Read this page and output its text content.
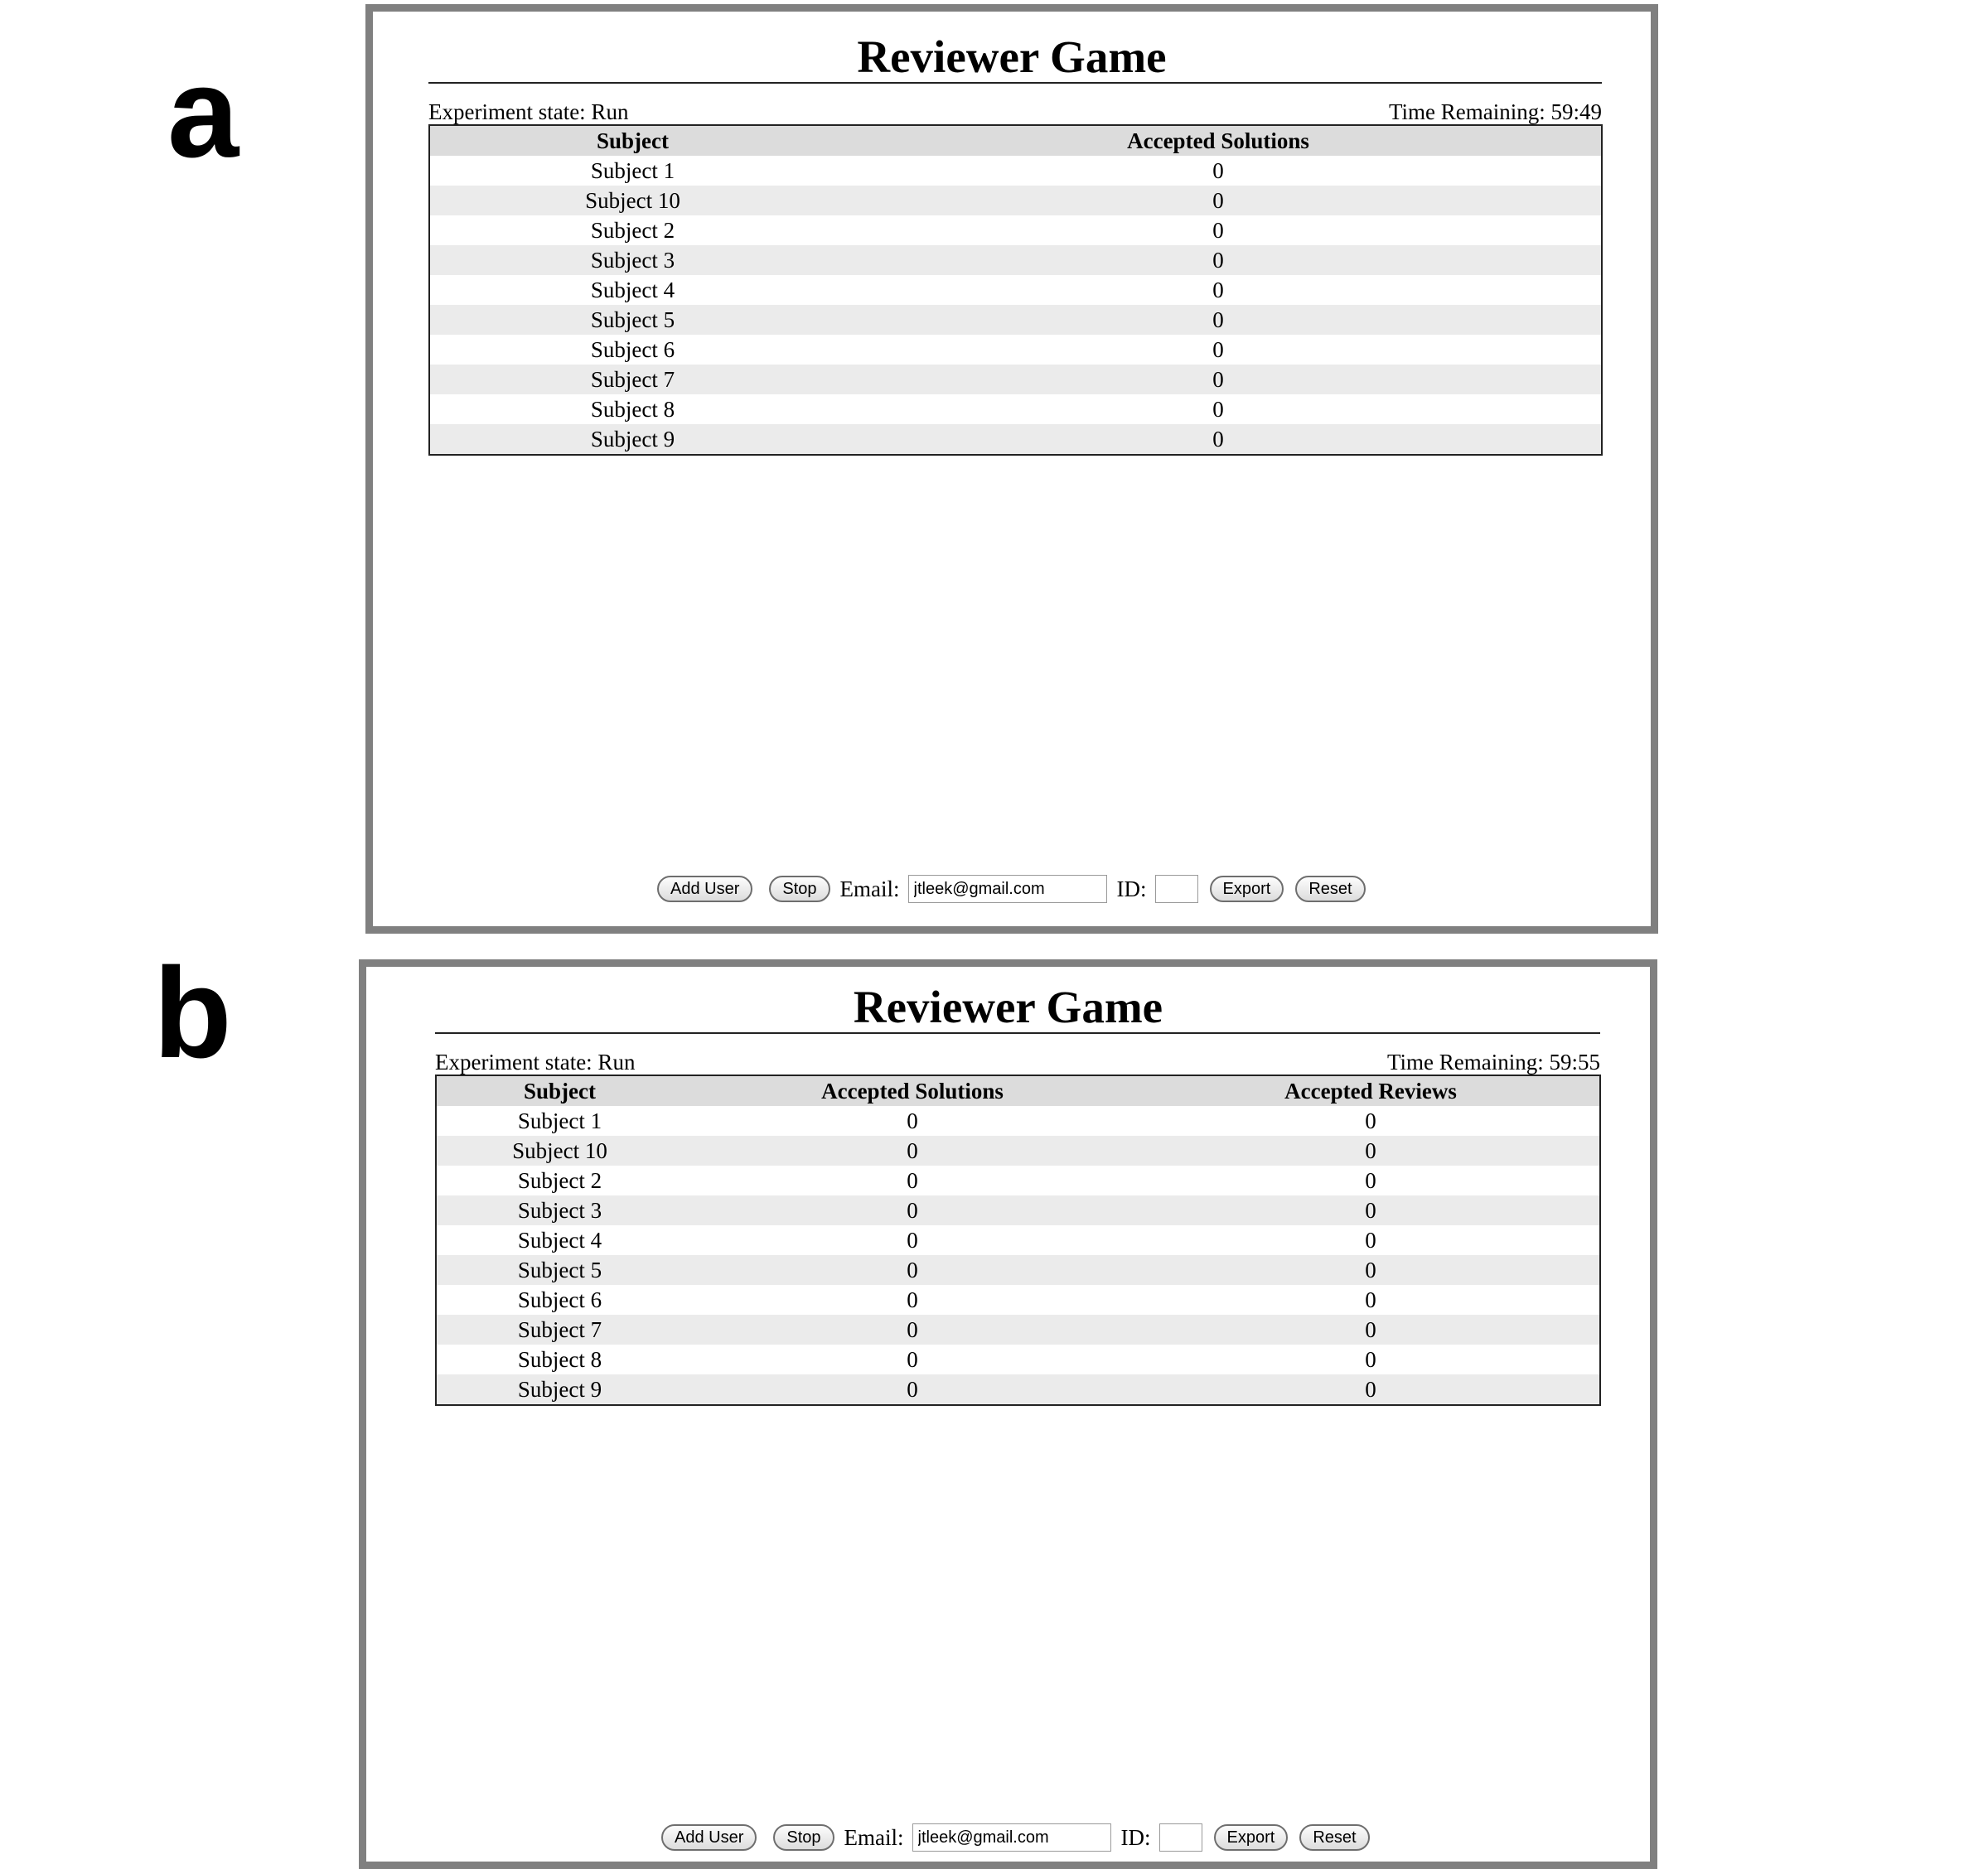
a	Reviewer Game
Experiment state: Run	Time Remaining: 59:49
Subject	Accepted Solutions
Subject 1	0
Subject 10	0
Subject 2	0
Subject 3	0
Subject 4	0
Subject 5	0
Subject 6	0
Subject 7	0
Subject 8	0
Subject 9	0
Add User	Stop	Email:
jtleek@gmail.com	ID:	Export	Reset
b	Reviewer Game
Experiment state: Run	Time Remaining: 59:55
Subject	Accepted Solutions	Accepted Reviews
Subject 1	0	0
Subject 10	0	0
Subject 2	0	0
Subject 3	0	0
Subject 4	0	0
Subject 5	0	0
Subject 6	0	0
Subject 7	0	0
Subject 8	0	0
Subject 9	0	0
Add User	Stop	Email:
jtleek@gmail.com	ID:	Export	Reset
